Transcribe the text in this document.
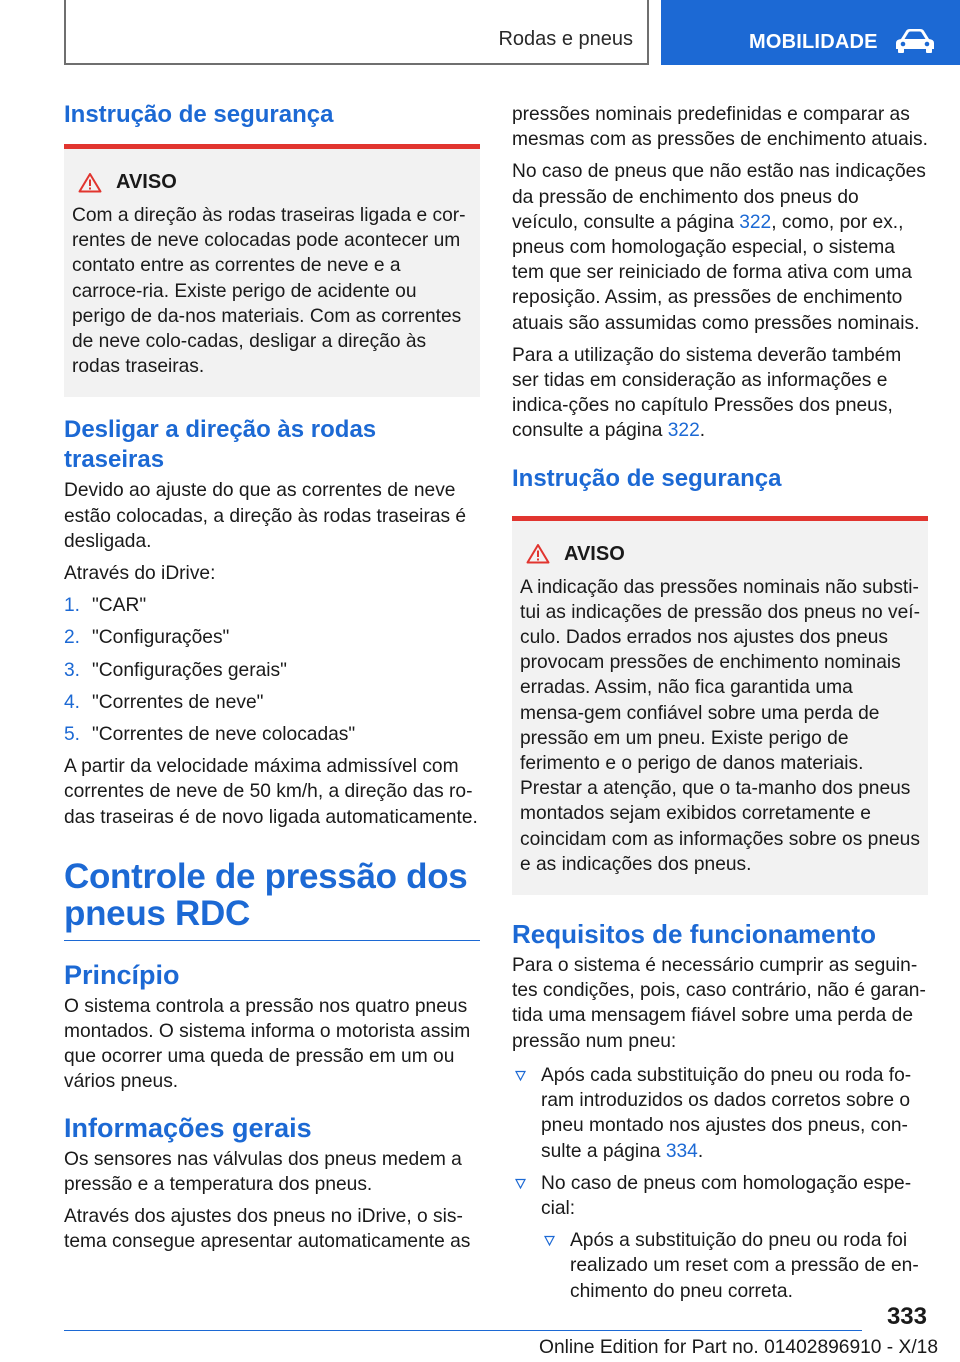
Rodas e pneus	MOBILIDADE
Instrução de segurança
AVISO
Com a direção às rodas traseiras ligada e cor-rentes de neve colocadas pode acontecer um contato entre as correntes de neve e a carroce-ria. Existe perigo de acidente ou perigo de da-nos materiais. Com as correntes de neve colo-cadas, desligar a direção às rodas traseiras.
Desligar a direção às rodas traseiras
Devido ao ajuste do que as correntes de neve estão colocadas, a direção às rodas traseiras é desligada.
Através do iDrive:
1. "CAR"
2. "Configurações"
3. "Configurações gerais"
4. "Correntes de neve"
5. "Correntes de neve colocadas"
A partir da velocidade máxima admissível com correntes de neve de 50 km/h, a direção das ro-das traseiras é de novo ligada automaticamente.
Controle de pressão dos pneus RDC
Princípio
O sistema controla a pressão nos quatro pneus montados. O sistema informa o motorista assim que ocorrer uma queda de pressão em um ou vários pneus.
Informações gerais
Os sensores nas válvulas dos pneus medem a pressão e a temperatura dos pneus.
Através dos ajustes dos pneus no iDrive, o sis-tema consegue apresentar automaticamente as
pressões nominais predefinidas e comparar as mesmas com as pressões de enchimento atuais.
No caso de pneus que não estão nas indicações da pressão de enchimento dos pneus do veículo, consulte a página 322, como, por ex., pneus com homologação especial, o sistema tem que ser reiniciado de forma ativa com uma reposição. Assim, as pressões de enchimento atuais são assumidas como pressões nominais.
Para a utilização do sistema deverão também ser tidas em consideração as informações e indica-ções no capítulo Pressões dos pneus, consulte a página 322.
Instrução de segurança
AVISO
A indicação das pressões nominais não substi-tui as indicações de pressão dos pneus no veí-culo. Dados errados nos ajustes dos pneus provocam pressões de enchimento nominais erradas. Assim, não fica garantida uma mensa-gem confiável sobre uma perda de pressão em um pneu. Existe perigo de ferimento e o perigo de danos materiais. Prestar a atenção, que o ta-manho dos pneus montados sejam exibidos corretamente e coincidam com as informações sobre os pneus e as indicações dos pneus.
Requisitos de funcionamento
Para o sistema é necessário cumprir as seguin-tes condições, pois, caso contrário, não é garan-tida uma mensagem fiável sobre uma perda de pressão num pneu:
Após cada substituição do pneu ou roda fo-ram introduzidos os dados corretos sobre o pneu montado nos ajustes dos pneus, con-sulte a página 334.
No caso de pneus com homologação espe-cial:
Após a substituição do pneu ou roda foi realizado um reset com a pressão de en-chimento do pneu correta.
333
Online Edition for Part no. 01402896910 - X/18
